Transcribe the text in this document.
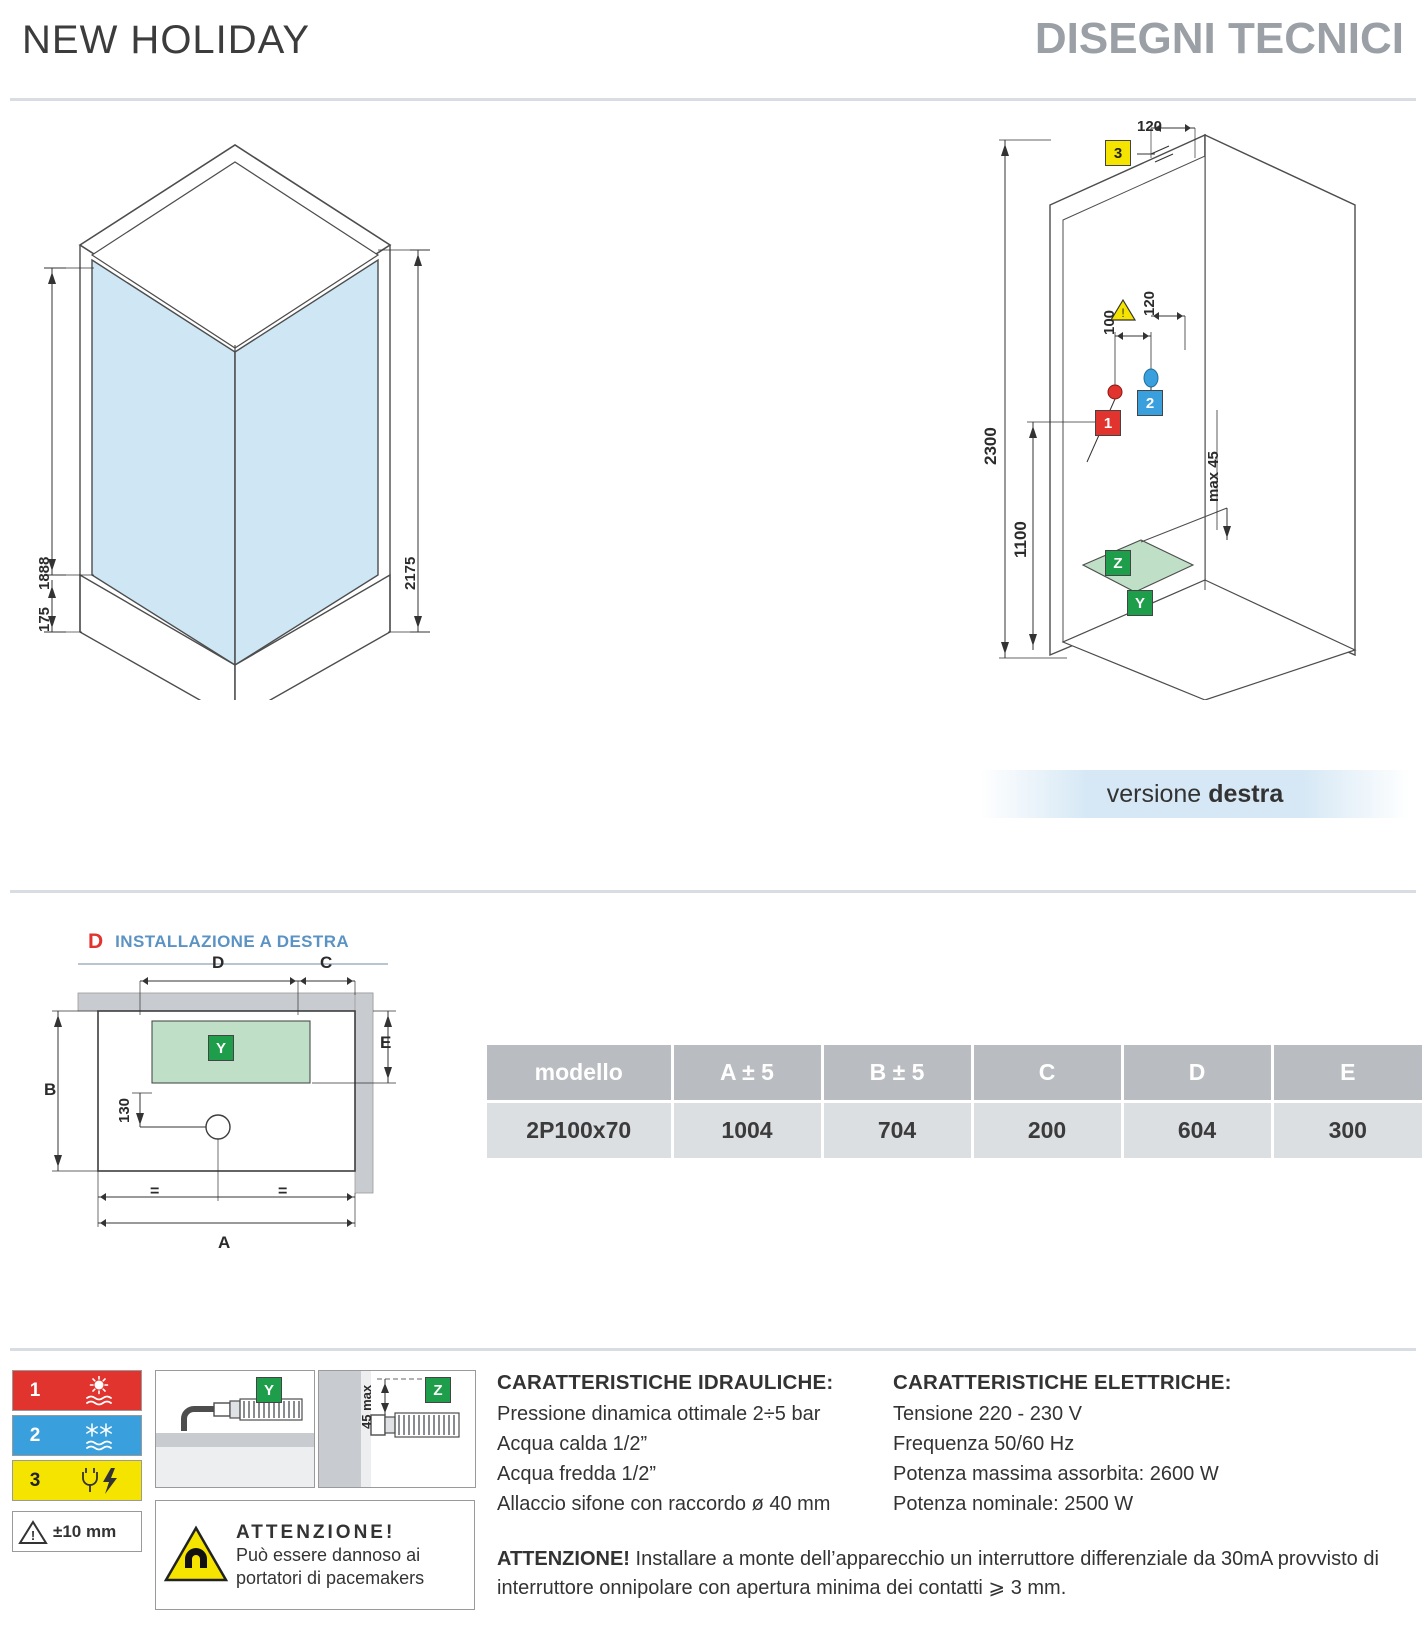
NEW HOLIDAY	DISEGNI TECNICI
1888
175
2175
!
3
1
2
Z
Y
120
100
120
2300
1100
max 45
versione destra
D INSTALLAZIONE A DESTRA
D	C
E
B
A
130
=	=
Y
modello	A ± 5	B ± 5	C	D	E
2P100x70	1004	704	200	604	300
1
2
3
! ±10 mm
Y	Z
45 max
ATTENZIONE!
Può essere dannoso ai
portatori di pacemakers
CARATTERISTICHE IDRAULICHE:
Pressione dinamica ottimale 2÷5 bar
Acqua calda 1/2”
Acqua fredda 1/2”
Allaccio sifone con raccordo ø 40 mm
CARATTERISTICHE ELETTRICHE:
Tensione 220 - 230 V
Frequenza 50/60 Hz
Potenza massima assorbita: 2600 W
Potenza nominale: 2500 W
ATTENZIONE! Installare a monte dell’apparecchio un interruttore differenziale da 30mA provvisto di interruttore onnipolare con apertura minima dei contatti ⩾ 3 mm.
